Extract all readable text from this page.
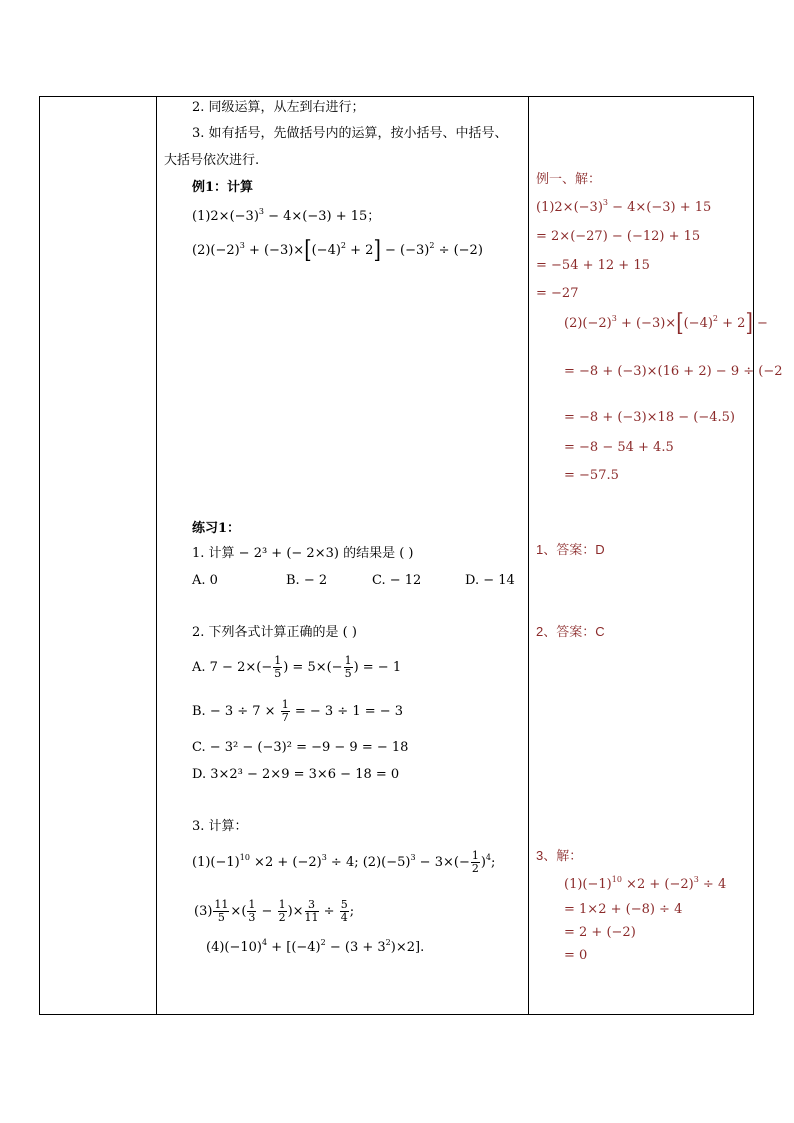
2. 同级运算，从左到右进行；
3. 如有括号，先做括号内的运算，按小括号、中括号、
大括号依次进行.
例1：计算
$(1)2\times(-3)^3 - 4\times(-3) + 15$；
$(2)(-2)^3 + (-3)\times[(-4)^2 + 2] - (-3)^2 \div (-2)$
练习1：
1. 计算 − 2³ + (− 2×3) 的结果是 ( )
A. 0	B. − 2	C. − 12	D. − 14
2. 下列各式计算正确的是 ( )
A. $7 - 2\times(- \frac{1}{5}$ ) = $5\times(- \frac{1}{5}$ ) = − 1
B. − $3 \div 7 \times \frac{1}{7}$ = − 3 ÷ 1 = − 3
C. − 3² − (−3)² = −9 − 9 = − 18
D. 3×2³ − 2×9 = 3×6 − 18 = 0
3. 计算：
$(1)(-1)^{10} \times 2 + (-2)^3 \div 4$; $(2)(-5)^3 - 3\times(- \frac{1}{2} )^4$;
$(3) \frac{11}{5}$ ×( $\frac{1}{3} - \frac{1}{2}$ )× $\frac{3}{11} \div \frac{5}{4}$ ;
$(4)(-10)^4 + [(-4)^2 - (3 + 3^2)\times 2]$.
例一、解：
$(1)2\times(-3)^3 - 4\times(-3) + 15$
= 2×(−27) − (−12) + 15
= −54 + 12 + 15
= −27
$(2)(-2)^3 + (-3)\times[(-4)^2 + 2]$ −
= −8 + (−3)×(16 + 2) − 9 ÷ (−2
= −8 + (−3)×18 − (−4.5)
= −8 − 54 + 4.5
= −57.5
1、答案：D
2、答案：C
3、解：
$(1)(-1)^{10} \times 2 + (-2)^3 \div 4$
= 1×2 + (−8) ÷ 4
= 2 + (−2)
= 0
